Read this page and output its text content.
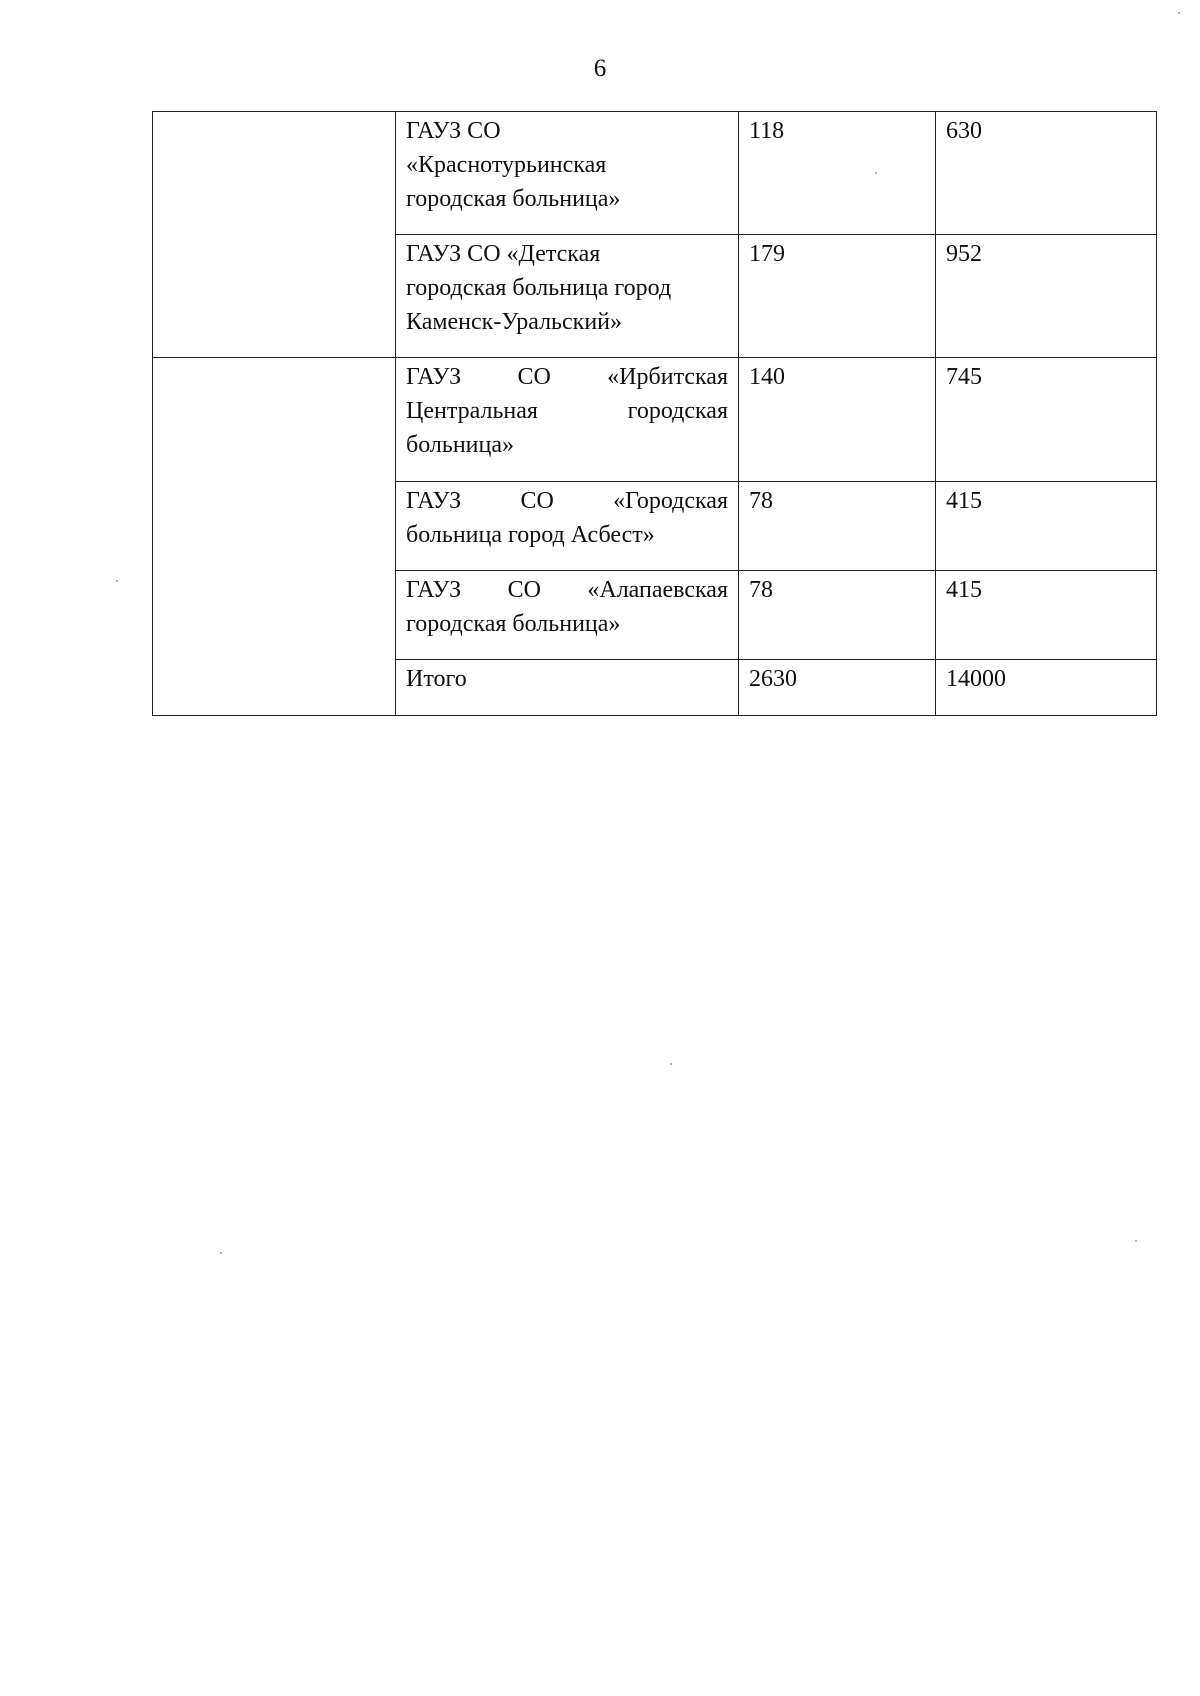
6

	ГАУЗ СО
«Краснотурьинская
городская больница»	118	630

	ГАУЗ СО «Детская
городская больница город
Каменск-Уральский»	179	952

	ГАУЗ СО «Ирбитская
Центральная городская
больница»	140	745

	ГАУЗ СО «Городская
больница город Асбест»	78	415

	ГАУЗ СО «Алапаевская
городская больница»	78	415

	Итого	2630	14000
